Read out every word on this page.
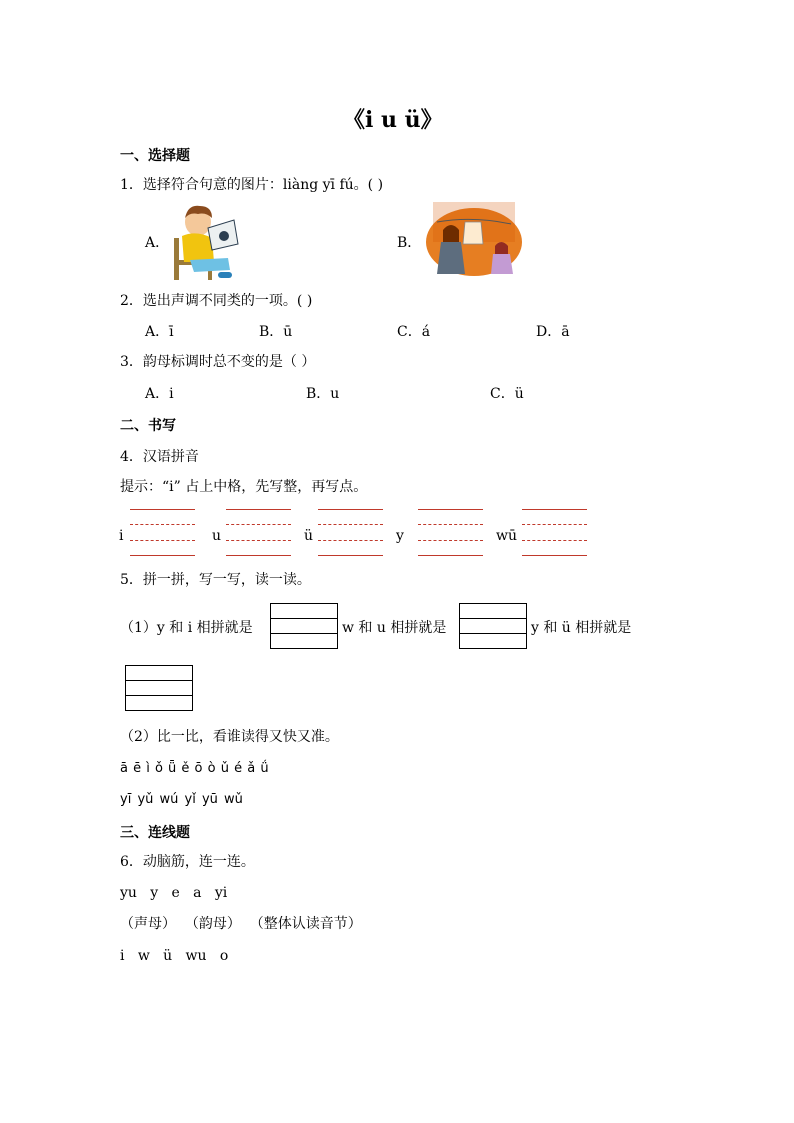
《i u ü》
一、选择题
1．选择符合句意的图片：liàng yī fú。( )
A．	B．
2．选出声调不同类的一项。( )
A．ī	B．ū	C．á	D．ā
3．韵母标调时总不变的是（ ）
A．i	B．u	C．ü
二、书写
4．汉语拼音
提示：“i” 占上中格，先写整，再写点。
i	u	ü	y	wū
5．拼一拼，写一写，读一读。
（1）y 和 i 相拼就是	w 和 u 相拼就是	y 和 ü 相拼就是
（2）比一比，看谁读得又快又准。
ā ē ì ǒ ǖ ě ō ò ǔ é ǎ ǘ
yī yǔ wú yǐ yū wǔ
三、连线题
6．动脑筋，连一连。
yu   y   e   a   yi
（声母）  （韵母）  （整体认读音节）
i   w   ü   wu   o
